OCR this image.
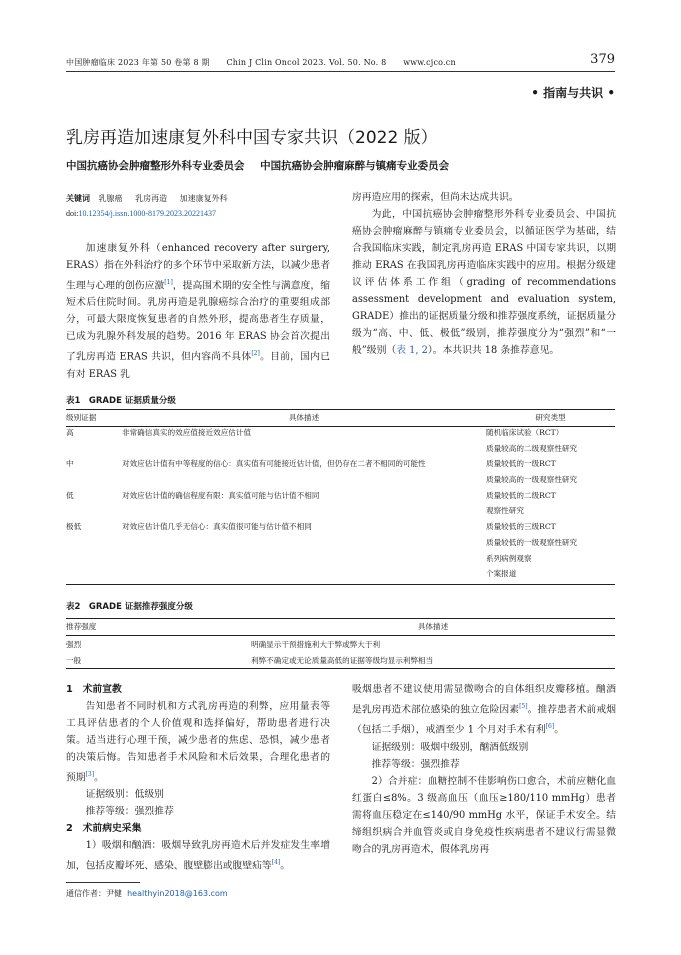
中国肿瘤临床 2023 年第 50 卷第 8 期 Chin J Clin Oncol 2023. Vol. 50. No. 8 www.cjco.cn	379
• 指南与共识 •
乳房再造加速康复外科中国专家共识（2022 版）
中国抗癌协会肿瘤整形外科专业委员会 中国抗癌协会肿瘤麻醉与镇痛专业委员会
关键词 乳腺癌 乳房再造 加速康复外科
doi:10.12354/j.issn.1000-8179.2023.20221437

加速康复外科（enhanced recovery after surgery, ERAS）指在外科治疗的多个环节中采取新方法，以减少患者生理与心理的创伤应激[1]，提高围术期的安全性与满意度，缩短术后住院时间。乳房再造是乳腺癌综合治疗的重要组成部分，可最大限度恢复患者的自然外形，提高患者生存质量，已成为乳腺外科发展的趋势。2016 年 ERAS 协会首次提出了乳房再造 ERAS 共识，但内容尚不具体[2]。目前，国内已有对 ERAS 乳

房再造应用的探索，但尚未达成共识。

为此，中国抗癌协会肿瘤整形外科专业委员会、中国抗癌协会肿瘤麻醉与镇痛专业委员会，以循证医学为基础，结合我国临床实践，制定乳房再造 ERAS 中国专家共识，以期推动 ERAS 在我国乳房再造临床实践中的应用。根据分级建议评估体系工作组（grading of recommendations assessment development and evaluation system, GRADE）推出的证据质量分级和推荐强度系统，证据质量分级为“高、中、低、极低”级别，推荐强度分为“强烈”和“一般”级别（表 1, 2）。本共识共 18 条推荐意见。

表1　GRADE 证据质量分级
级别证据	具体描述	研究类型
高	非常确信真实的效应值接近效应估计值	随机临床试验（RCT）
		质量较高的二级观察性研究
中	对效应估计值有中等程度的信心：真实值有可能接近估计值，但仍存在二者不相同的可能性	质量较低的一级RCT
		质量较高的一级观察性研究
低	对效应估计值的确信程度有限：真实值可能与估计值不相同	质量较低的二级RCT
		观察性研究
极低	对效应估计值几乎无信心：真实值很可能与估计值不相同	质量较低的三级RCT
		质量较低的一级观察性研究
		系列病例观察
		个案报道
表2　GRADE 证据推荐强度分级
推荐强度	具体描述
强烈	明确显示干预措施利大于弊或弊大于利
一般	利弊不确定或无论质量高低的证据等级均显示利弊相当

1　术前宣教

告知患者不同时机和方式乳房再造的利弊，应用量表等工具评估患者的个人价值观和选择偏好，帮助患者进行决策。适当进行心理干预，减少患者的焦虑、恐惧，减少患者的决策后悔。告知患者手术风险和术后效果，合理化患者的预期[3]。

证据级别：低级别

推荐等级：强烈推荐

2　术前病史采集

1）吸烟和酗酒：吸烟导致乳房再造术后并发症发生率增加，包括皮瓣坏死、感染、腹壁膨出或腹壁疝等[4]。

吸烟患者不建议使用需显微吻合的自体组织皮瓣移植。酗酒是乳房再造术部位感染的独立危险因素[5]。推荐患者术前戒烟（包括二手烟），戒酒至少 1 个月对手术有利[6]。

证据级别：吸烟中级别，酗酒低级别

推荐等级：强烈推荐

2）合并症：血糖控制不佳影响伤口愈合，术前应糖化血红蛋白≤8%。3 级高血压（血压≥180/110 mmHg）患者需将血压稳定在≤140/90 mmHg 水平，保证手术安全。结缔组织病合并血管炎或自身免疫性疾病患者不建议行需显微吻合的乳房再造术，假体乳房再

通信作者：尹健 healthyin2018@163.com
